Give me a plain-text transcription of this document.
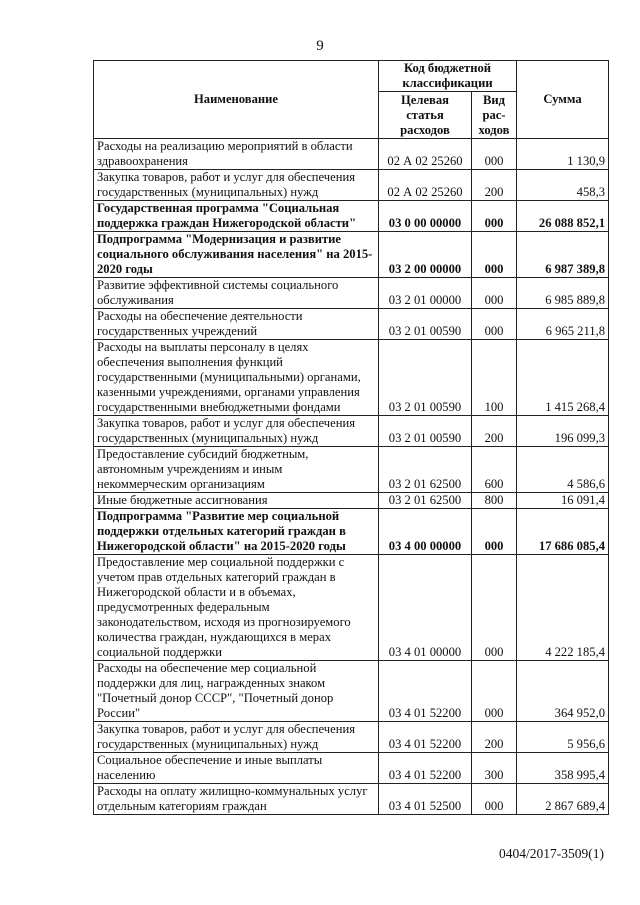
9
Наименование	Код бюджетной классификации		Сумма
	Целевая статья расходов	Вид рас-ходов	
Расходы на реализацию мероприятий в области здравоохранения	02 А 02 25260	000	1 130,9
Закупка товаров, работ и услуг для обеспечения государственных (муниципальных) нужд	02 А 02 25260	200	458,3
Государственная программа "Социальная поддержка граждан Нижегородской области"	03 0 00 00000	000	26 088 852,1
Подпрограмма "Модернизация и развитие социального обслуживания населения" на 2015-2020 годы	03 2 00 00000	000	6 987 389,8
Развитие эффективной системы социального обслуживания	03 2 01 00000	000	6 985 889,8
Расходы на обеспечение деятельности государственных учреждений	03 2 01 00590	000	6 965 211,8
Расходы на выплаты персоналу в целях обеспечения выполнения функций государственными (муниципальными) органами, казенными учреждениями, органами управления государственными внебюджетными фондами	03 2 01 00590	100	1 415 268,4
Закупка товаров, работ и услуг для обеспечения государственных (муниципальных) нужд	03 2 01 00590	200	196 099,3
Предоставление субсидий бюджетным, автономным учреждениям и иным некоммерческим организациям	03 2 01 62500	600	4 586,6
Иные бюджетные ассигнования	03 2 01 62500	800	16 091,4
Подпрограмма "Развитие мер социальной поддержки отдельных категорий граждан в Нижегородской области" на 2015-2020 годы	03 4 00 00000	000	17 686 085,4
Предоставление мер социальной поддержки с учетом прав отдельных категорий граждан в Нижегородской области и в объемах, предусмотренных федеральным законодательством, исходя из прогнозируемого количества граждан, нуждающихся в мерах социальной поддержки	03 4 01 00000	000	4 222 185,4
Расходы на обеспечение мер социальной поддержки для лиц, награжденных знаком "Почетный донор СССР", "Почетный донор России"	03 4 01 52200	000	364 952,0
Закупка товаров, работ и услуг для обеспечения государственных (муниципальных) нужд	03 4 01 52200	200	5 956,6
Социальное обеспечение и иные выплаты населению	03 4 01 52200	300	358 995,4
Расходы на оплату жилищно-коммунальных услуг отдельным категориям граждан	03 4 01 52500	000	2 867 689,4
0404/2017-3509(1)
